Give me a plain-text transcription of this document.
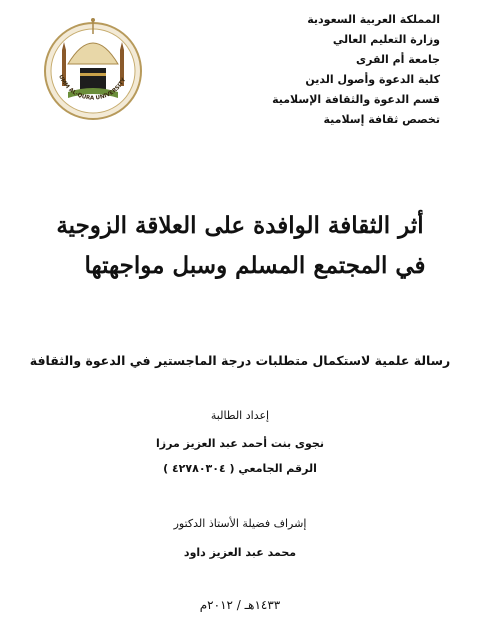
المملكة العربية السعودية
وزارة التعليم العالي
جامعة أم القرى
كلية الدعوة وأصول الدين
قسم الدعوة والثقافة الإسلامية
تخصص ثقافة إسلامية
UMM AL-QURA UNIVERSITY
أثر الثقافة الوافدة على العلاقة الزوجية
في المجتمع المسلم وسبل مواجهتها
رسالة علمية لاستكمال متطلبات درجة الماجستير في الدعوة والثقافة
إعداد الطالبة
نجوى بنت أحمد عبد العزيز مرزا
الرقم الجامعي ( ٤٢٧٨٠٣٠٤ )
إشراف فضيلة الأستاذ الدكتور
محمد عبد العزيز داود
١٤٣٣هـ / ٢٠١٢م
